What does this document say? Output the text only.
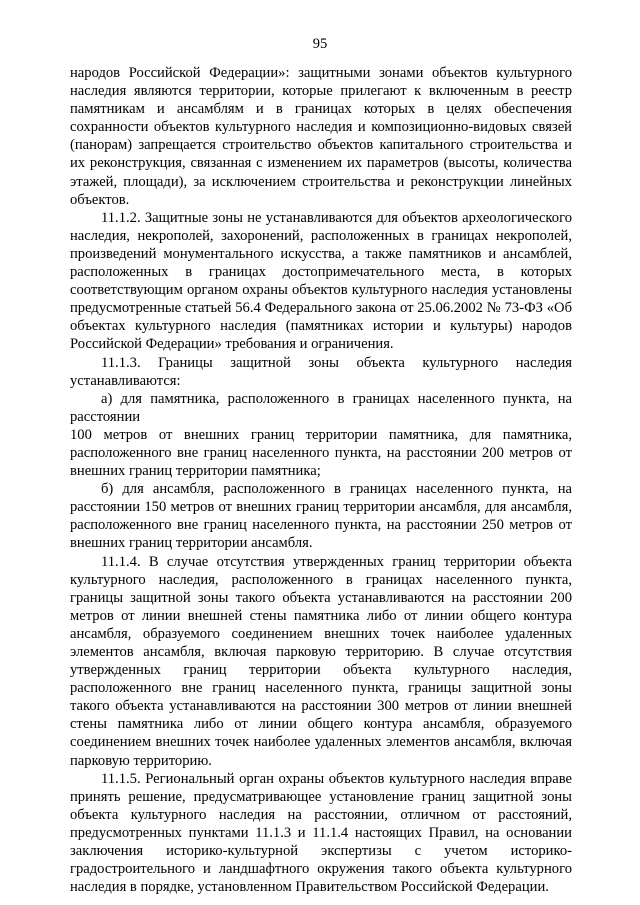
95

народов Российской Федерации»: защитными зонами объектов культурного наследия являются территории, которые прилегают к включенным в реестр памятникам и ансамблям и в границах которых в целях обеспечения сохранности объектов культурного наследия и композиционно-видовых связей (панорам) запрещается строительство объектов капитального строительства и их реконструкция, связанная с изменением их параметров (высоты, количества этажей, площади), за исключением строительства и реконструкции линейных объектов.

11.1.2. Защитные зоны не устанавливаются для объектов археологического наследия, некрополей, захоронений, расположенных в границах некрополей, произведений монументального искусства, а также памятников и ансамблей, расположенных в границах достопримечательного места, в которых соответствующим органом охраны объектов культурного наследия установлены предусмотренные статьей 56.4 Федерального закона от 25.06.2002 № 73-ФЗ «Об объектах культурного наследия (памятниках истории и культуры) народов Российской Федерации» требования и ограничения.

11.1.3. Границы защитной зоны объекта культурного наследия устанавливаются:

а) для памятника, расположенного в границах населенного пункта, на расстоянии

100 метров от внешних границ территории памятника, для памятника, расположенного вне границ населенного пункта, на расстоянии 200 метров от внешних границ территории памятника;

б) для ансамбля, расположенного в границах населенного пункта, на расстоянии 150 метров от внешних границ территории ансамбля, для ансамбля, расположенного вне границ населенного пункта, на расстоянии 250 метров от внешних границ территории ансамбля.

11.1.4. В случае отсутствия утвержденных границ территории объекта культурного наследия, расположенного в границах населенного пункта, границы защитной зоны такого объекта устанавливаются на расстоянии 200 метров от линии внешней стены памятника либо от линии общего контура ансамбля, образуемого соединением внешних точек наиболее удаленных элементов ансамбля, включая парковую территорию. В случае отсутствия утвержденных границ территории объекта культурного наследия, расположенного вне границ населенного пункта, границы защитной зоны такого объекта устанавливаются на расстоянии 300 метров от линии внешней стены памятника либо от линии общего контура ансамбля, образуемого соединением внешних точек наиболее удаленных элементов ансамбля, включая парковую территорию.

11.1.5. Региональный орган охраны объектов культурного наследия вправе принять решение, предусматривающее установление границ защитной зоны объекта культурного наследия на расстоянии, отличном от расстояний, предусмотренных пунктами 11.1.3 и 11.1.4 настоящих Правил, на основании заключения историко-культурной экспертизы с учетом историко-градостроительного и ландшафтного окружения такого объекта культурного наследия в порядке, установленном Правительством Российской Федерации.
